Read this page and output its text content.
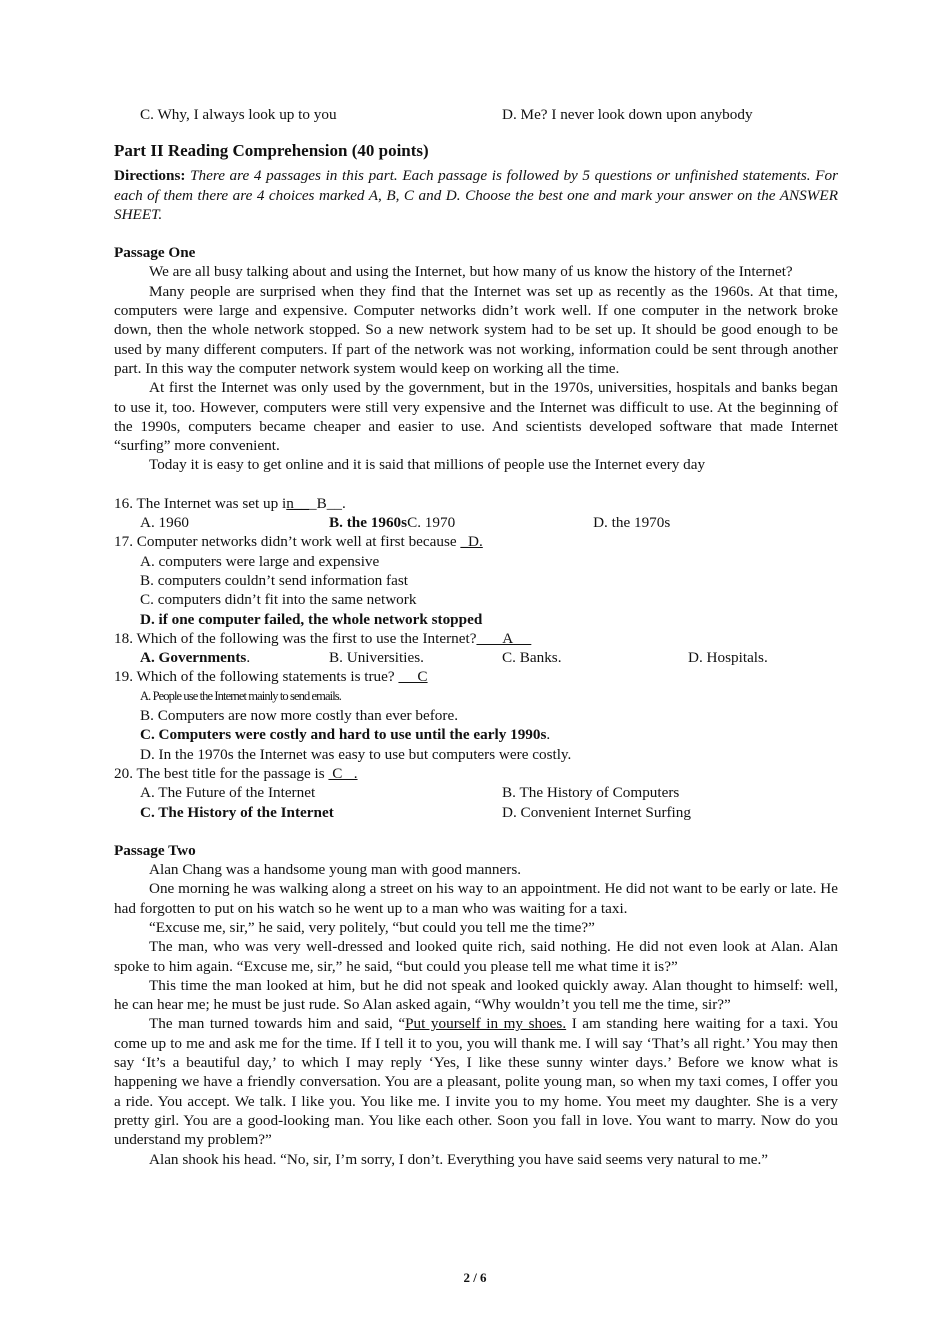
C. Why, I always look up to you	D. Me? I never look down upon anybody
Part II Reading Comprehension (40 points)

Directions: There are 4 passages in this part. Each passage is followed by 5 questions or unfinished statements. For each of them there are 4 choices marked A, B, C and D. Choose the best one and mark your answer on the ANSWER SHEET.

Passage One

We are all busy talking about and using the Internet, but how many of us know the history of the Internet?

Many people are surprised when they find that the Internet was set up as recently as the 1960s. At that time, computers were large and expensive. Computer networks didn’t work well. If one computer in the network broke down, then the whole network stopped. So a new network system had to be set up. It should be good enough to be used by many different computers. If part of the network was not working, information could be sent through another part. In this way the computer network system would keep on working all the time.

At first the Internet was only used by the government, but in the 1970s, universities, hospitals and banks began to use it, too. However, computers were still very expensive and the Internet was difficult to use. At the beginning of the 1990s, computers became cheaper and easier to use. And scientists developed software that made Internet “surfing” more convenient.

Today it is easy to get online and it is said that millions of people use the Internet every day

16. The Internet was set up in___B__.

A. 1960	B. the 1960s C. 1970	D. the 1970s

17. Computer networks didn’t work well at first because _D.

A. computers were large and expensive
B. computers couldn’t send information fast
C. computers didn’t fit into the same network
D. if one computer failed, the whole network stopped

18. Which of the following was the first to use the Internet?       A

A. Governments.	B. Universities.	C. Banks.	D. Hospitals.

19. Which of the following statements is true?      C

A. People use the Internet mainly to send emails.
B. Computers are now more costly than ever before.
C. Computers were costly and hard to use until the early 1990s.
D. In the 1970s the Internet was easy to use but computers were costly.

20. The best title for the passage is  C   .

A. The Future of the Internet	B. The History of Computers
C. The History of the Internet	D. Convenient Internet Surfing
Passage Two

Alan Chang was a handsome young man with good manners.

One morning he was walking along a street on his way to an appointment. He did not want to be early or late. He had forgotten to put on his watch so he went up to a man who was waiting for a taxi.

“Excuse me, sir,” he said, very politely, “but could you tell me the time?”

The man, who was very well-dressed and looked quite rich, said nothing. He did not even look at Alan. Alan spoke to him again. “Excuse me, sir,” he said, “but could you please tell me what time it is?”

This time the man looked at him, but he did not speak and looked quickly away. Alan thought to himself: well, he can hear me; he must be just rude. So Alan asked again, “Why wouldn’t you tell me the time, sir?”

The man turned towards him and said, “Put yourself in my shoes. I am standing here waiting for a taxi. You come up to me and ask me for the time. If I tell it to you, you will thank me. I will say ‘That’s all right.’ You may then say ‘It’s a beautiful day,’ to which I may reply ‘Yes, I like these sunny winter days.’ Before we know what is happening we have a friendly conversation. You are a pleasant, polite young man, so when my taxi comes, I offer you a ride. You accept. We talk. I like you. You like me. I invite you to my home. You meet my daughter. She is a very pretty girl. You are a good-looking man. You like each other. Soon you fall in love. You want to marry. Now do you understand my problem?”

Alan shook his head. “No, sir, I’m sorry, I don’t. Everything you have said seems very natural to me.”

2 / 6
